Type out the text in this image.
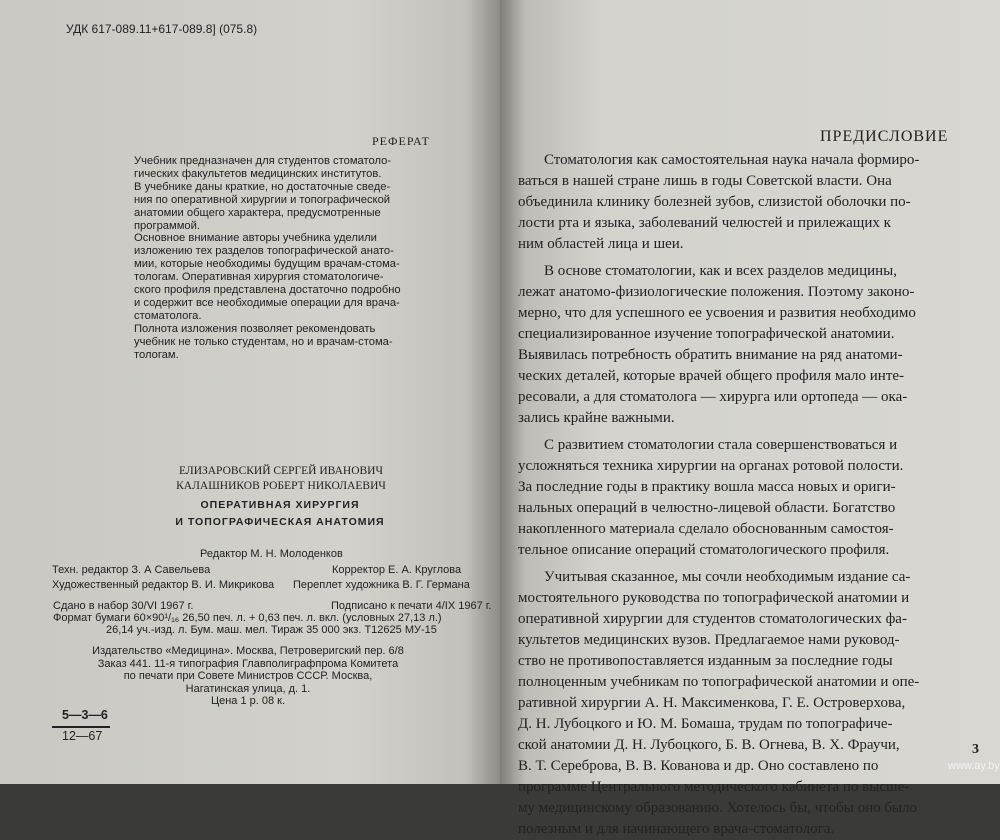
УДК 617-089.11+617-089.8] (075.8)
РЕФЕРАТ
Учебник предназначен для студентов стоматоло-
гических факультетов медицинских институтов.
В учебнике даны краткие, но достаточные сведе-
ния по оперативной хирургии и топографической
анатомии общего характера, предусмотренные
программой.
Основное внимание авторы учебника уделили
изложению тех разделов топографической анато-
мии, которые необходимы будущим врачам-стома-
тологам. Оперативная хирургия стоматологиче-
ского профиля представлена достаточно подробно
и содержит все необходимые операции для врача-
стоматолога.
Полнота изложения позволяет рекомендовать
учебник не только студентам, но и врачам-стома-
тологам.
ЕЛИЗАРОВСКИЙ СЕРГЕЙ ИВАНОВИЧ
КАЛАШНИКОВ РОБЕРТ НИКОЛАЕВИЧ
ОПЕРАТИВНАЯ ХИРУРГИЯ
И ТОПОГРАФИЧЕСКАЯ АНАТОМИЯ
Редактор М. Н. Молоденков
Техн. редактор З. А Савельева	Корректор Е. А. Круглова
Художественный редактор В. И. Микрикова Переплет художника В. Г. Германа
Сдано в набор 30/VI 1967 г.	Подписано к печати 4/IX 1967 г.
Формат бумаги 60×90¹/₁₆ 26,50 печ. л. + 0,63 печ. л. вкл. (условных 27,13 л.)
26,14 уч.-изд. л. Бум. маш. мел. Тираж 35 000 экз. Т12625 МУ-15
Издательство «Медицина». Москва, Петроверигский пер. 6/8
Заказ 441. 11-я типография Главполиграфпрома Комитета
по печати при Совете Министров СССР. Москва,
Нагатинская улица, д. 1.
Цена 1 р. 08 к.
5—3—6
12—67
ПРЕДИСЛОВИЕ
Стоматология как самостоятельная наука начала формиро-
ваться в нашей стране лишь в годы Советской власти. Она
объединила клинику болезней зубов, слизистой оболочки по-
лости рта и языка, заболеваний челюстей и прилежащих к
ним областей лица и шеи.
В основе стоматологии, как и всех разделов медицины,
лежат анатомо-физиологические положения. Поэтому законо-
мерно, что для успешного ее усвоения и развития необходимо
специализированное изучение топографической анатомии.
Выявилась потребность обратить внимание на ряд анатоми-
ческих деталей, которые врачей общего профиля мало инте-
ресовали, а для стоматолога — хирурга или ортопеда — ока-
зались крайне важными.
С развитием стоматологии стала совершенствоваться и
усложняться техника хирургии на органах ротовой полости.
За последние годы в практику вошла масса новых и ориги-
нальных операций в челюстно-лицевой области. Богатство
накопленного материала сделало обоснованным самостоя-
тельное описание операций стоматологического профиля.
Учитывая сказанное, мы сочли необходимым издание са-
мостоятельного руководства по топографической анатомии и
оперативной хирургии для студентов стоматологических фа-
культетов медицинских вузов. Предлагаемое нами руковод-
ство не противопоставляется изданным за последние годы
полноценным учебникам по топографической анатомии и опе-
ративной хирургии А. Н. Максименкова, Г. Е. Островерхова,
Д. Н. Лубоцкого и Ю. М. Бомаша, трудам по топографиче-
ской анатомии Д. Н. Лубоцкого, Б. В. Огнева, В. Х. Фраучи,
В. Т. Сереброва, В. В. Кованова и др. Оно составлено по
программе Центрального методического кабинета по высше-
му медицинскому образованию. Хотелось бы, чтобы оно было
полезным и для начинающего врача-стоматолога.
3
www.ay.by
